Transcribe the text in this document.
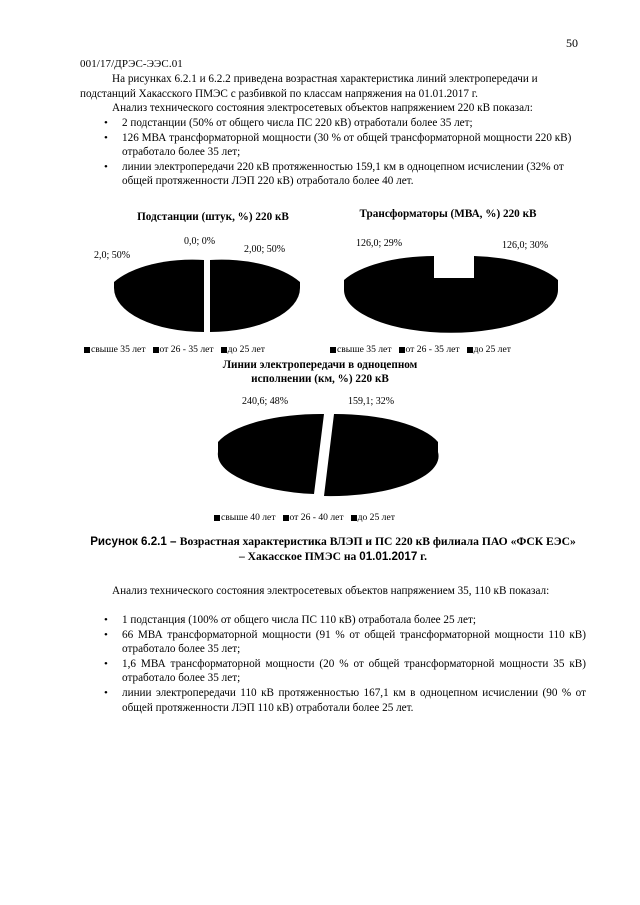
50
001/17/ДРЭС-ЭЭС.01
На рисунках 6.2.1 и 6.2.2 приведена возрастная характеристика линий электропередачи и подстанций Хакасского ПМЭС с разбивкой по классам напряжения на 01.01.2017 г.
Анализ технического состояния электросетевых объектов напряжением 220 кВ показал:
• 2 подстанции (50% от общего числа ПС 220 кВ) отработали более 35 лет;
• 126 МВА трансформаторной мощности (30 % от общей трансформаторной мощности 220 кВ) отработало более 35 лет;
• линии электропередачи 220 кВ протяженностью 159,1 км в одноцепном исчислении (32% от общей протяженности ЛЭП 220 кВ) отработало более 40 лет.
Подстанции (штук, %) 220 кВ
2,0; 50%
0,0; 0%
2,00; 50%
свыше 35 лет от 26 - 35 лет до 25 лет
Трансформаторы (МВА, %) 220 кВ
126,0; 29%	126,0; 30%
свыше 35 лет от 26 - 35 лет до 25 лет
Линии электропередачи в одноцепном
исполнении (км, %) 220 кВ
240,6; 48%	159,1; 32%
свыше 40 лет от 26 - 40 лет до 25 лет
Рисунок 6.2.1 – Возрастная характеристика ВЛЭП и ПС 220 кВ филиала ПАО «ФСК ЕЭС»
– Хакасское ПМЭС на 01.01.2017 г.
Анализ технического состояния электросетевых объектов напряжением 35, 110 кВ показал:
• 1 подстанция (100% от общего числа ПС 110 кВ) отработала более 25 лет;
• 66 МВА трансформаторной мощности (91 % от общей трансформаторной мощности 110 кВ) отработало более 35 лет;
• 1,6 МВА трансформаторной мощности (20 % от общей трансформаторной мощности 35 кВ) отработало более 35 лет;
• линии электропередачи 110 кВ протяженностью 167,1 км в одноцепном исчислении (90 % от общей протяженности ЛЭП 110 кВ) отработали более 25 лет.
